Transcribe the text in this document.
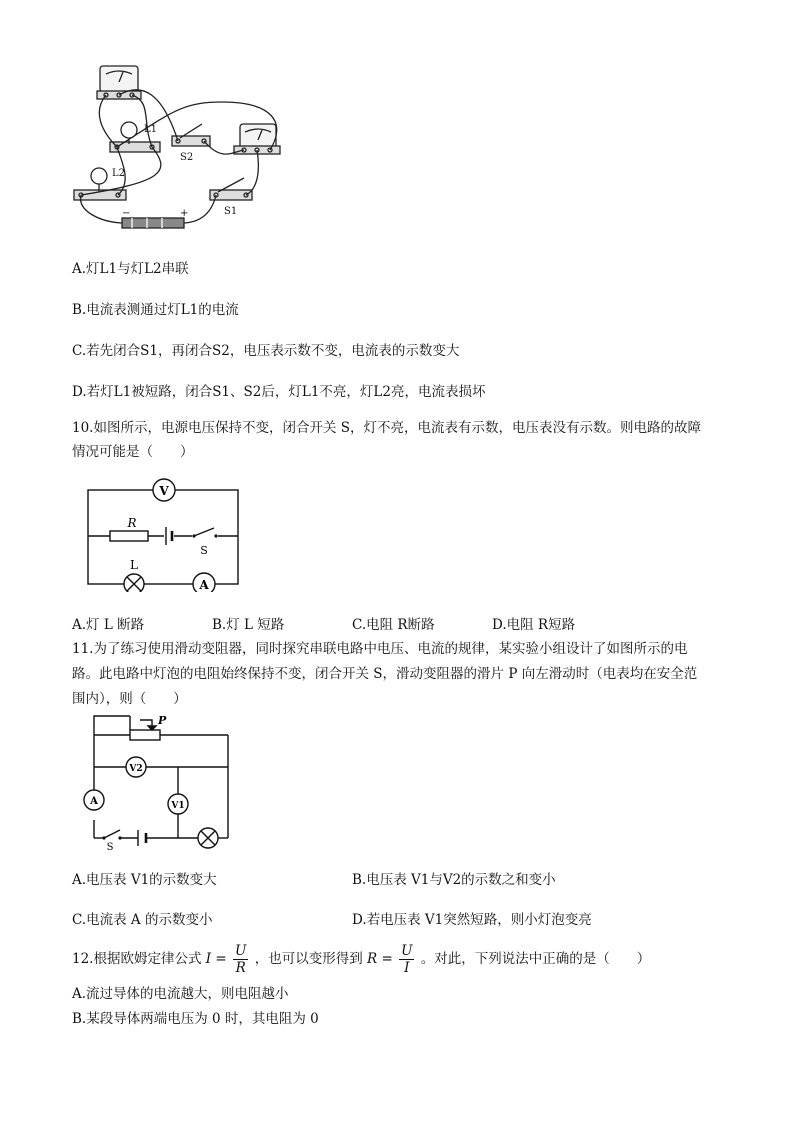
L1
L2
S2
S1
−	+
A.灯L1与灯L2串联
B.电流表测通过灯L1的电流
C.若先闭合S1，再闭合S2，电压表示数不变，电流表的示数变大
D.若灯L1被短路，闭合S1、S2后，灯L1不亮，灯L2亮，电流表损坏
10.如图所示，电源电压保持不变，闭合开关 S，灯不亮，电流表有示数，电压表没有示数。则电路的故障
情况可能是（　　）
V
R
S
L
A
A.灯 L 断路	B.灯 L 短路	C.电阻 R断路	D.电阻 R短路
11.为了练习使用滑动变阻器，同时探究串联电路中电压、电流的规律，某实验小组设计了如图所示的电
路。此电路中灯泡的电阻始终保持不变，闭合开关 S，滑动变阻器的滑片 P 向左滑动时（电表均在安全范
围内），则（　　）
P
V2
V1
A
S
A.电压表 V1的示数变大	B.电压表 V1与V2的示数之和变小
C.电流表 A 的示数变小	D.若电压表 V1突然短路，则小灯泡变亮
12.根据欧姆定律公式 $I = \frac{U}{R}$ ，也可以变形得到 $R = \frac{U}{I}$ 。对此，下列说法中正确的是（　　）
A.流过导体的电流越大，则电阻越小
B.某段导体两端电压为 0 时，其电阻为 0
